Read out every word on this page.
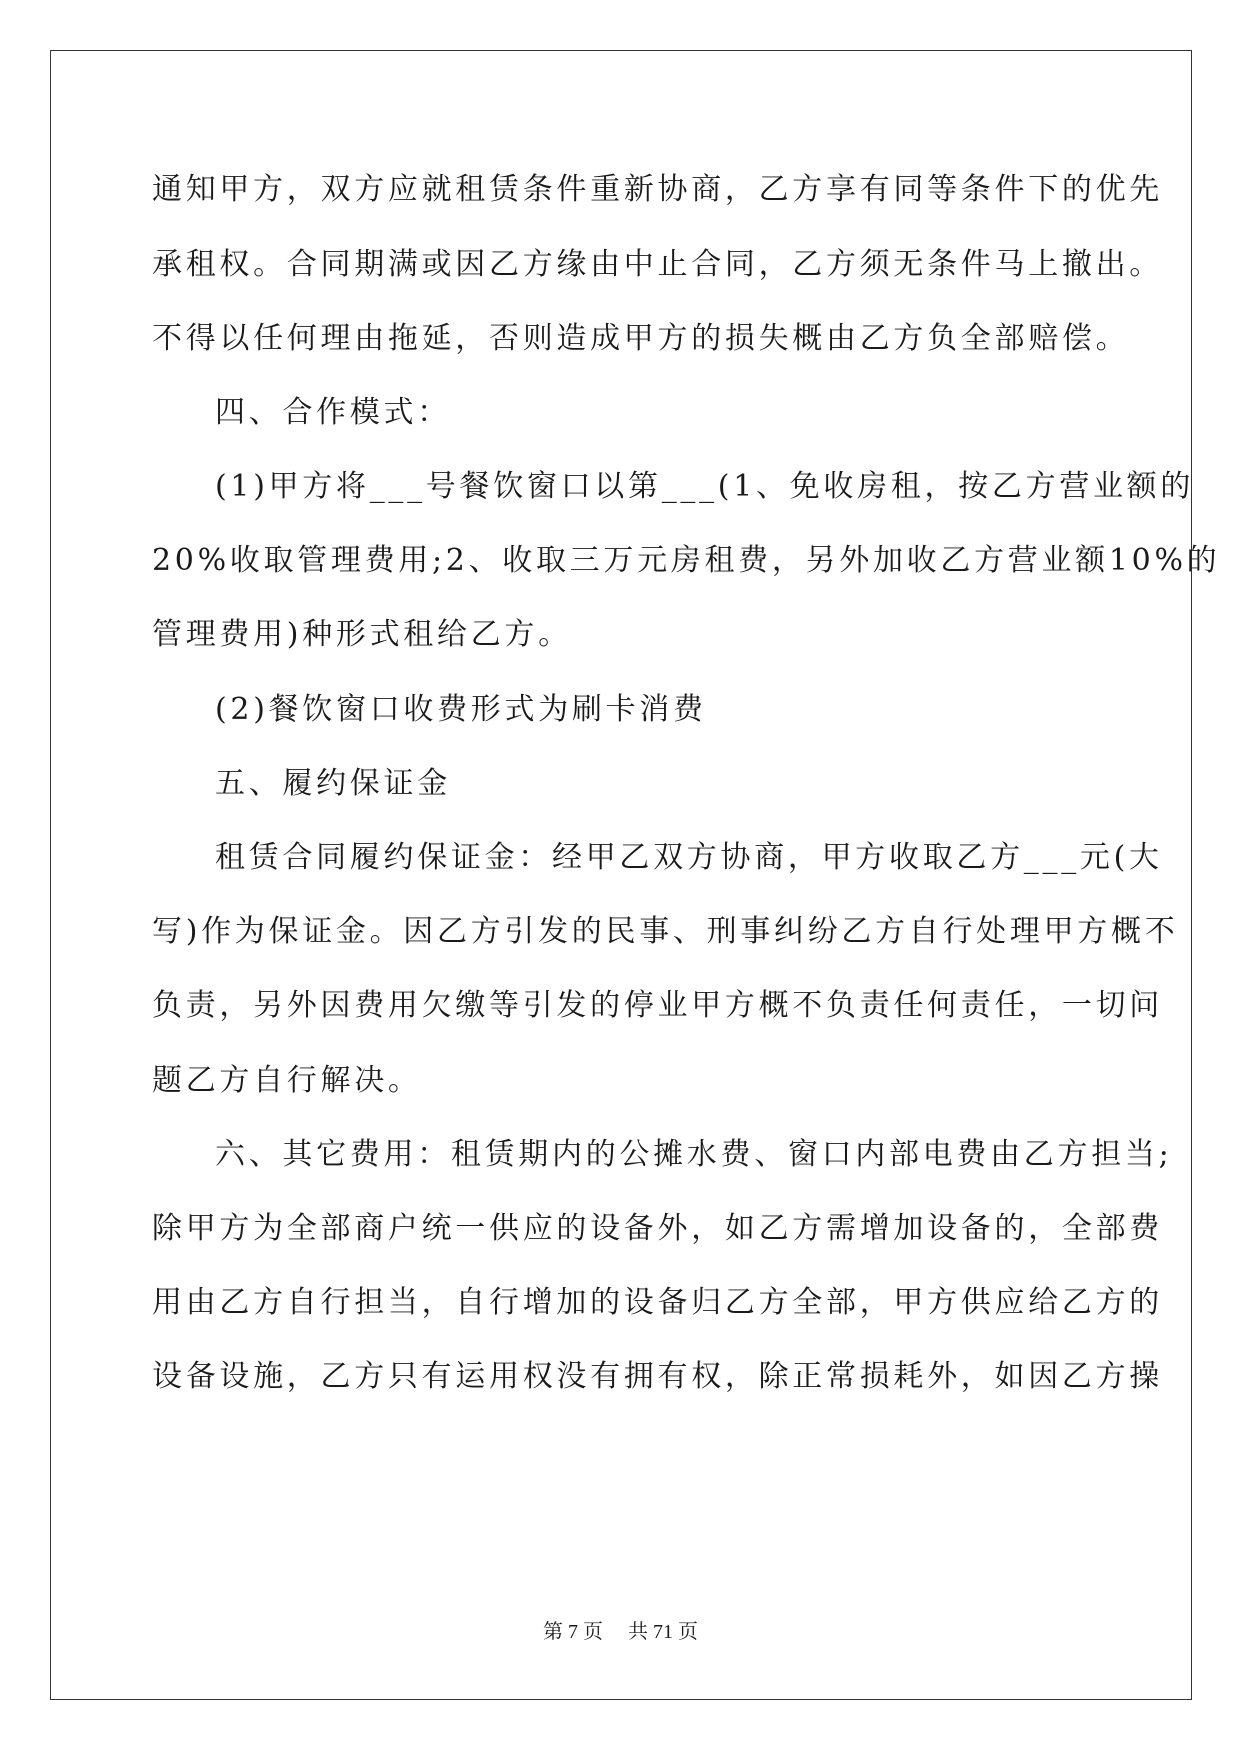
通知甲方，双方应就租赁条件重新协商，乙方享有同等条件下的优先
承租权。合同期满或因乙方缘由中止合同，乙方须无条件马上撤出。
不得以任何理由拖延，否则造成甲方的损失概由乙方负全部赔偿。
四、合作模式：
(1)甲方将___号餐饮窗口以第___(1、免收房租，按乙方营业额的
20%收取管理费用;2、收取三万元房租费，另外加收乙方营业额10%的
管理费用)种形式租给乙方。
(2)餐饮窗口收费形式为刷卡消费
五、履约保证金
租赁合同履约保证金：经甲乙双方协商，甲方收取乙方___元(大
写)作为保证金。因乙方引发的民事、刑事纠纷乙方自行处理甲方概不
负责，另外因费用欠缴等引发的停业甲方概不负责任何责任，一切问
题乙方自行解决。
六、其它费用：租赁期内的公摊水费、窗口内部电费由乙方担当;
除甲方为全部商户统一供应的设备外，如乙方需增加设备的，全部费
用由乙方自行担当，自行增加的设备归乙方全部，甲方供应给乙方的
设备设施，乙方只有运用权没有拥有权，除正常损耗外，如因乙方操
第 7 页 共 71 页
